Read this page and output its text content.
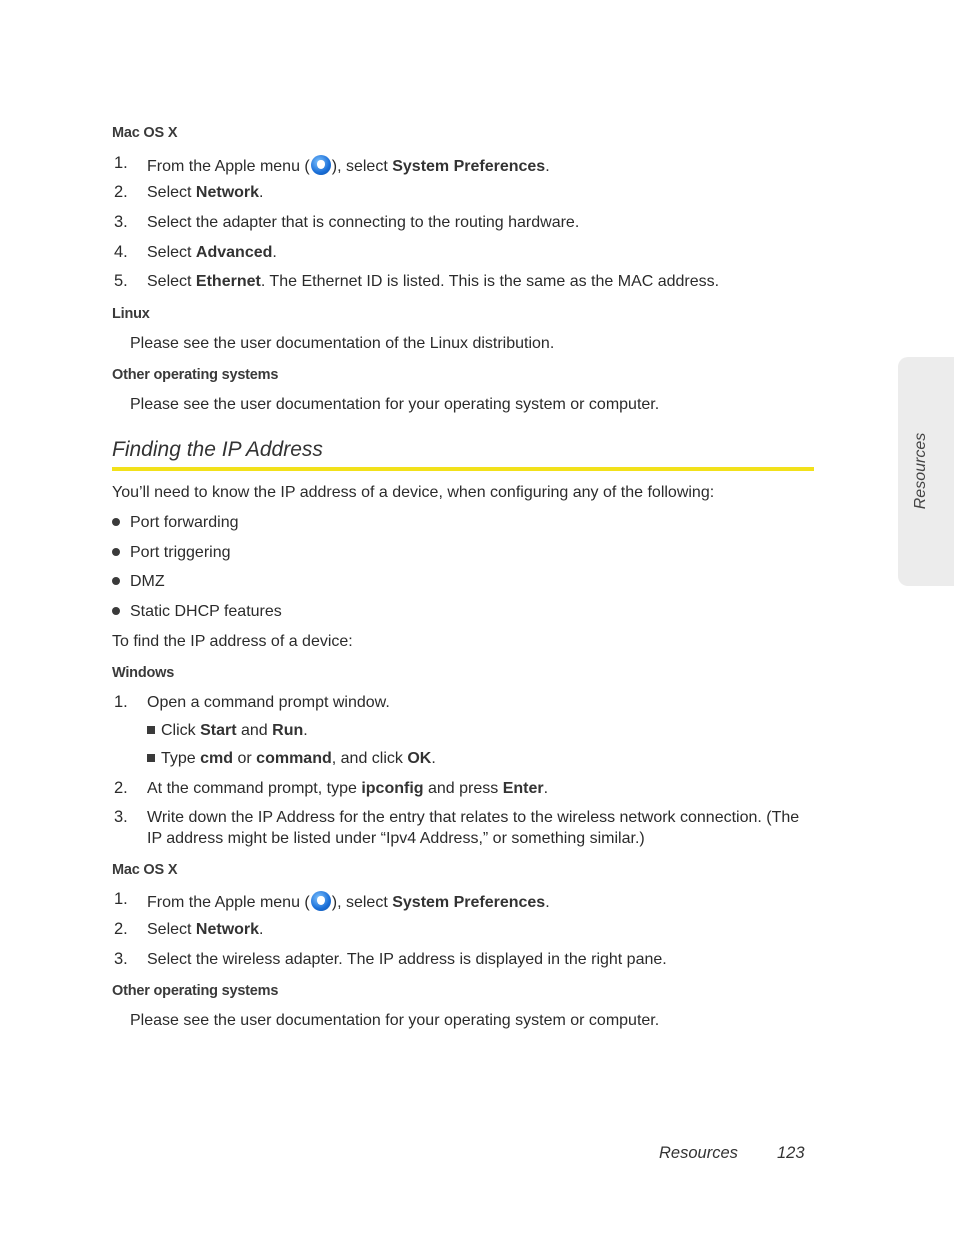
Mac OS X
1. From the Apple menu ( ), select System Preferences.
2. Select Network.
3. Select the adapter that is connecting to the routing hardware.
4. Select Advanced.
5. Select Ethernet. The Ethernet ID is listed. This is the same as the MAC address.
Linux
Please see the user documentation of the Linux distribution.
Other operating systems
Please see the user documentation for your operating system or computer.
Finding the IP Address
You’ll need to know the IP address of a device, when configuring any of the following:
Port forwarding
Port triggering
DMZ
Static DHCP features
To find the IP address of a device:
Windows
1. Open a command prompt window.
Click Start and Run.
Type cmd or command, and click OK.
2. At the command prompt, type ipconfig and press Enter.
3. Write down the IP Address for the entry that relates to the wireless network connection. (The
IP address might be listed under “Ipv4 Address,” or something similar.)
Mac OS X
1. From the Apple menu ( ), select System Preferences.
2. Select Network.
3. Select the wireless adapter. The IP address is displayed in the right pane.
Other operating systems
Please see the user documentation for your operating system or computer.
Resources
Resources 123
